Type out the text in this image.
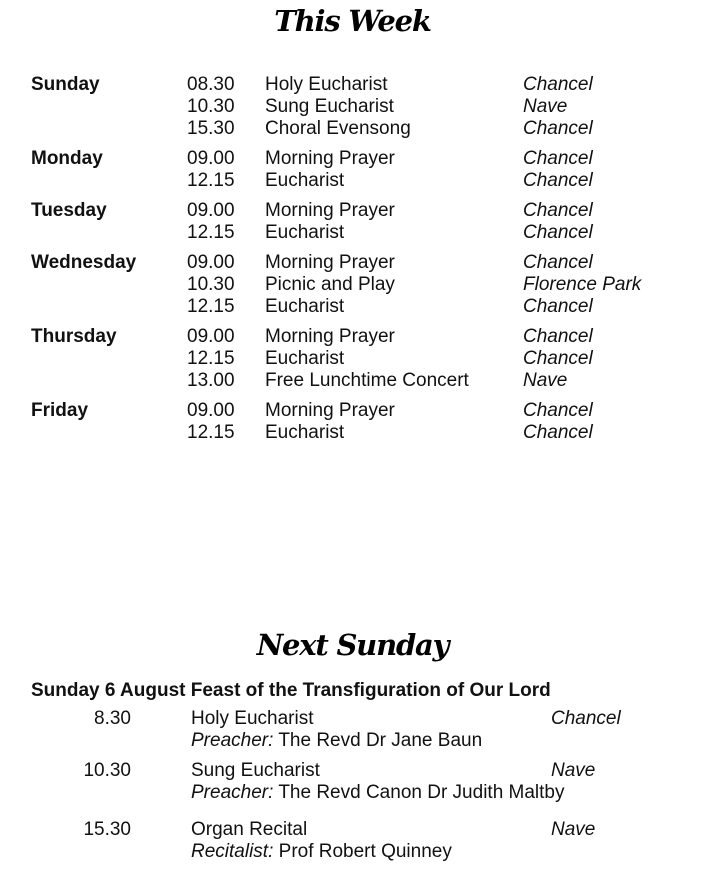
This Week
Sunday	08.30 Holy Eucharist	Chancel
10.30 Sung Eucharist	Nave
15.30 Choral Evensong	Chancel
Monday	09.00 Morning Prayer	Chancel
12.15 Eucharist	Chancel
Tuesday	09.00 Morning Prayer	Chancel
12.15 Eucharist	Chancel
Wednesday	09.00 Morning Prayer	Chancel
10.30 Picnic and Play	Florence Park
12.15 Eucharist	Chancel
Thursday	09.00 Morning Prayer	Chancel
12.15 Eucharist	Chancel
13.00 Free Lunchtime Concert	Nave
Friday	09.00 Morning Prayer	Chancel
12.15 Eucharist	Chancel
Next Sunday
Sunday 6 August Feast of the Transfiguration of Our Lord
8.30	Holy Eucharist	Chancel
Preacher: The Revd Dr Jane Baun
10.30	Sung Eucharist	Nave
Preacher: The Revd Canon Dr Judith Maltby
15.30	Organ Recital	Nave
Recitalist: Prof Robert Quinney
